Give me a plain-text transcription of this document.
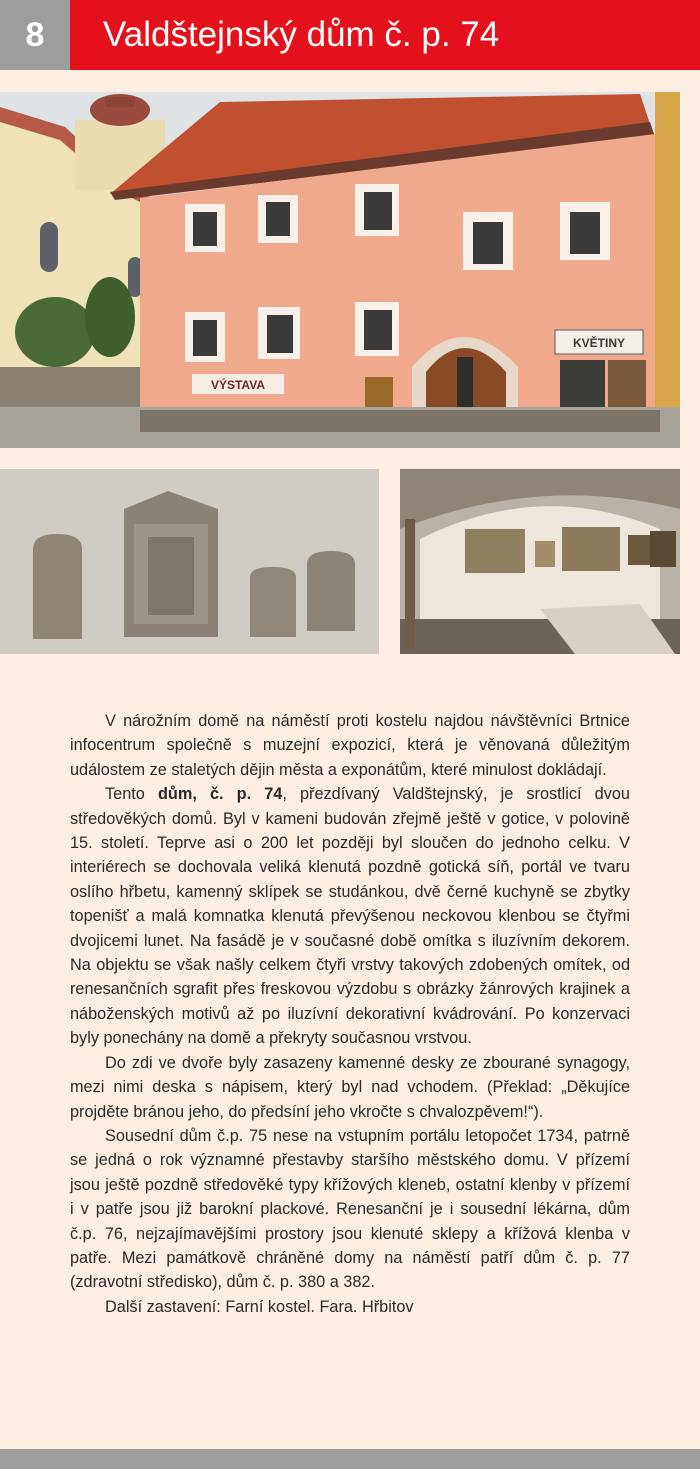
8	Valdštejnský dům č. p. 74
VÝSTAVA
KVĚTINY

V nárožním domě na náměstí proti kostelu najdou návštěvníci Brtnice infocentrum společně s muzejní expozicí, která je věnovaná důležitým událostem ze staletých dějin města a exponátům, které minulost dokládají.

Tento dům, č. p. 74, přezdívaný Valdštejnský, je srostlicí dvou středověkých domů. Byl v kameni budován zřejmě ještě v gotice, v polovině 15. století. Teprve asi o 200 let později byl sloučen do jednoho celku. V interiérech se dochovala veliká klenutá pozdně gotická síň, portál ve tvaru oslího hřbetu, kamenný sklípek se studánkou, dvě černé kuchyně se zbytky topenišť a malá komnatka klenutá převýšenou neckovou klenbou se čtyřmi dvojicemi lunet. Na fasádě je v současné době omítka s iluzívním dekorem. Na objektu se však našly celkem čtyři vrstvy takových zdobených omítek, od renesančních sgrafit přes freskovou výzdobu s obrázky žánrových krajinek a náboženských motivů až po iluzívní dekorativní kvádrování. Po konzervaci byly ponechány na domě a překryty současnou vrstvou.

Do zdi ve dvoře byly zasazeny kamenné desky ze zbourané synagogy, mezi nimi deska s nápisem, který byl nad vchodem. (Překlad: „Děkujíce projděte bránou jeho, do předsíní jeho vkročte s chvalozpěvem!“).

Sousední dům č.p. 75 nese na vstupním portálu letopočet 1734, patrně se jedná o rok významné přestavby staršího městského domu. V přízemí jsou ještě pozdně středověké typy křížových kleneb, ostatní klenby v přízemí i v patře jsou již barokní plackové. Renesanční je i sousední lékárna, dům č.p. 76, nejzajímavějšími prostory jsou klenuté sklepy a křížová klenba v patře. Mezi památkově chráněné domy na náměstí patří dům č. p. 77 (zdravotní středisko), dům č. p. 380 a 382.

Další zastavení: Farní kostel. Fara. Hřbitov
